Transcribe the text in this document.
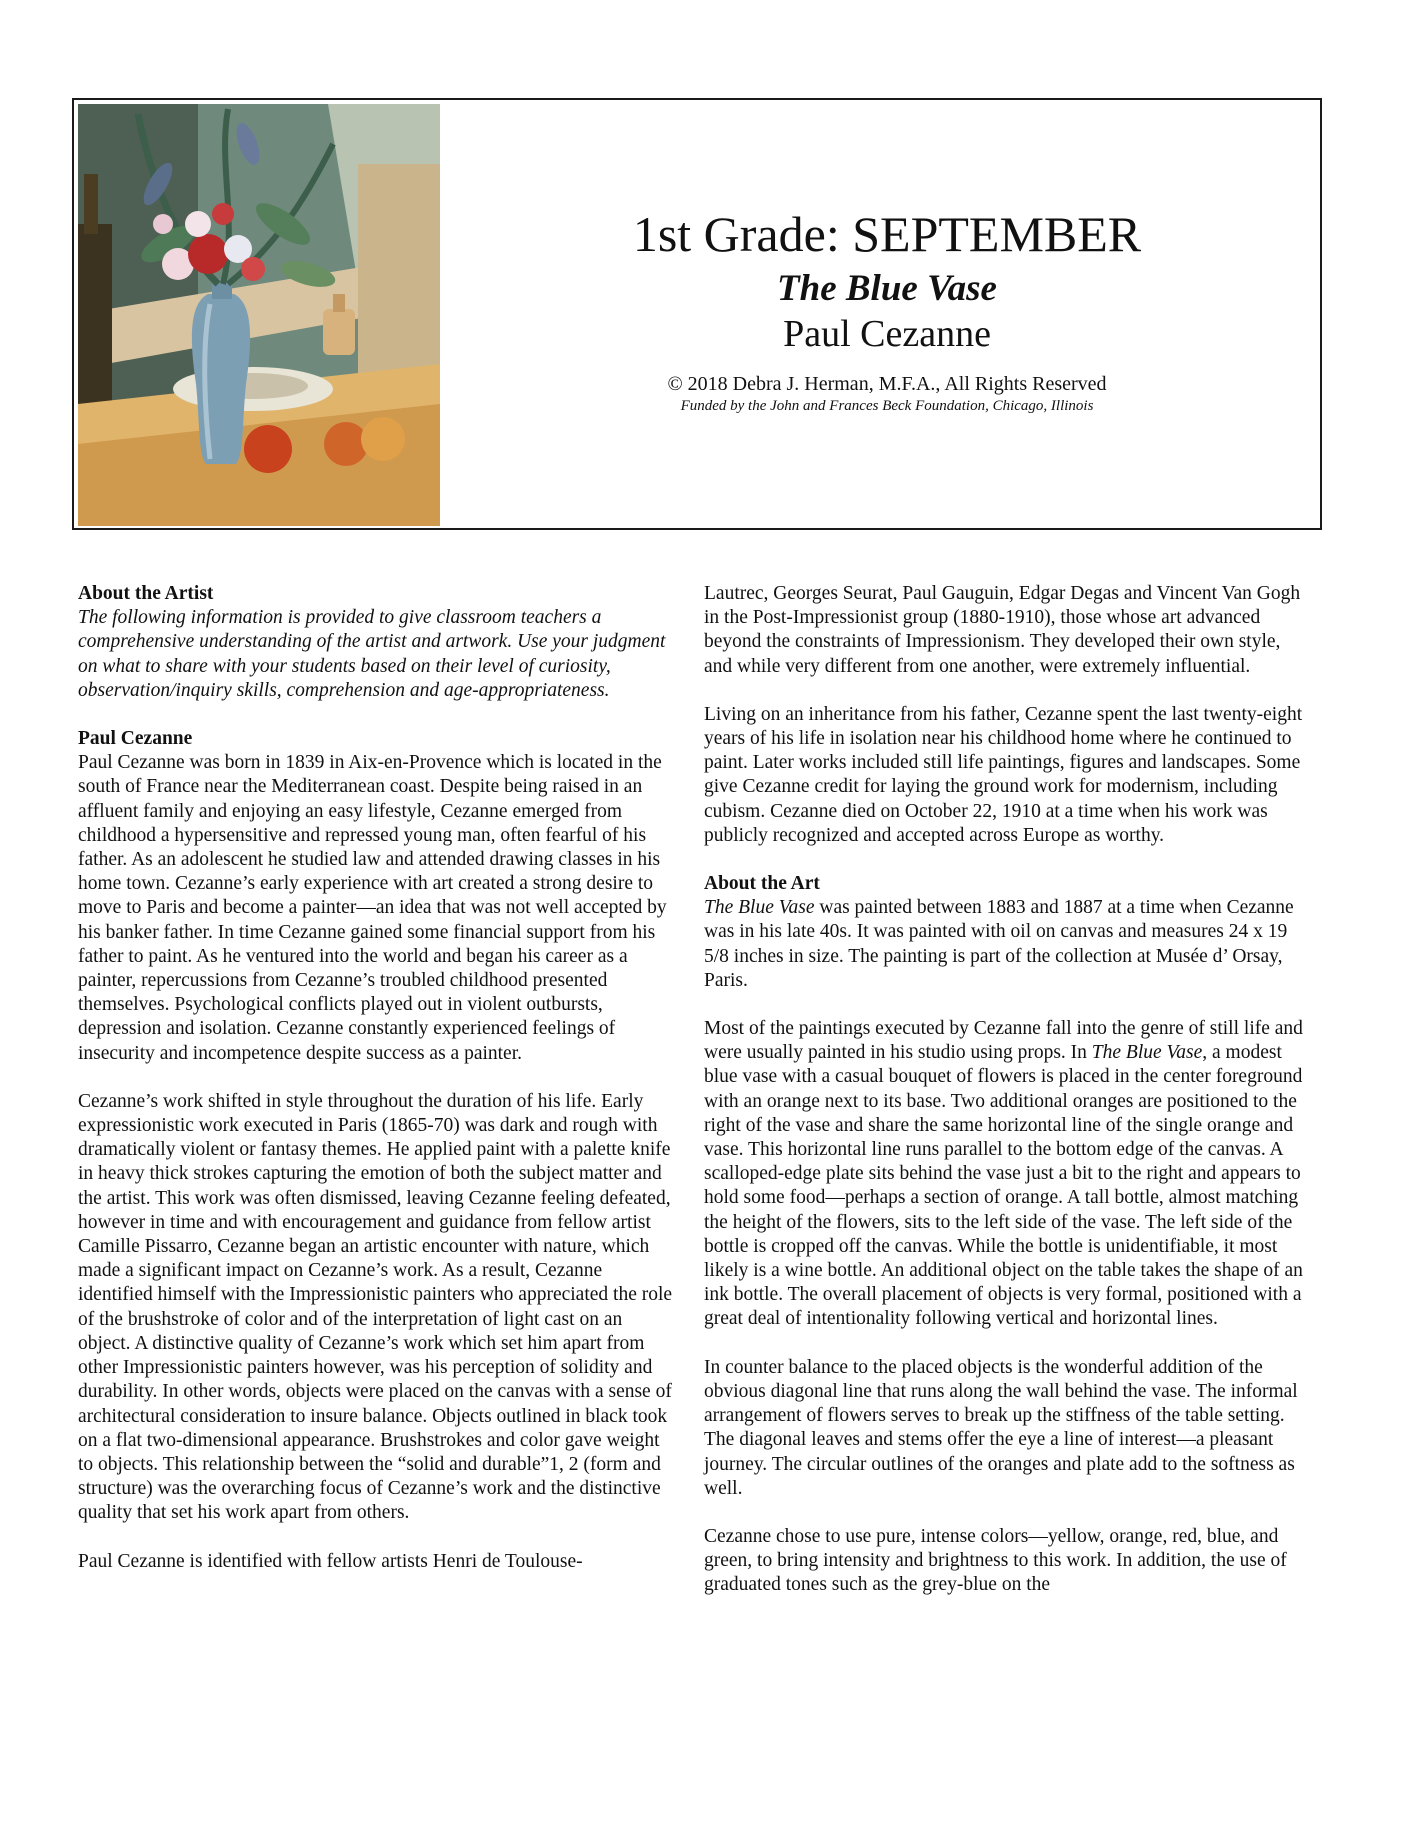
1st Grade: SEPTEMBER
The Blue Vase
Paul Cezanne
© 2018 Debra J. Herman, M.F.A., All Rights Reserved
Funded by the John and Frances Beck Foundation, Chicago, Illinois

About the Artist
The following information is provided to give classroom teachers a comprehensive understanding of the artist and artwork. Use your judgment on what to share with your students based on their level of curiosity, observation/inquiry skills, comprehension and age-appropriateness.

Paul Cezanne
Paul Cezanne was born in 1839 in Aix-en-Provence which is located in the south of France near the Mediterranean coast. Despite being raised in an affluent family and enjoying an easy lifestyle, Cezanne emerged from childhood a hypersensitive and repressed young man, often fearful of his father. As an adolescent he studied law and attended drawing classes in his home town. Cezanne’s early experience with art created a strong desire to move to Paris and become a painter—an idea that was not well accepted by his banker father. In time Cezanne gained some financial support from his father to paint. As he ventured into the world and began his career as a painter, repercussions from Cezanne’s troubled childhood presented themselves. Psychological conflicts played out in violent outbursts, depression and isolation. Cezanne constantly experienced feelings of insecurity and incompetence despite success as a painter.

Cezanne’s work shifted in style throughout the duration of his life. Early expressionistic work executed in Paris (1865-70) was dark and rough with dramatically violent or fantasy themes. He applied paint with a palette knife in heavy thick strokes capturing the emotion of both the subject matter and the artist. This work was often dismissed, leaving Cezanne feeling defeated, however in time and with encouragement and guidance from fellow artist Camille Pissarro, Cezanne began an artistic encounter with nature, which made a significant impact on Cezanne’s work. As a result, Cezanne identified himself with the Impressionistic painters who appreciated the role of the brushstroke of color and of the interpretation of light cast on an object. A distinctive quality of Cezanne’s work which set him apart from other Impressionistic painters however, was his perception of solidity and durability. In other words, objects were placed on the canvas with a sense of architectural consideration to insure balance. Objects outlined in black took on a flat two-dimensional appearance. Brushstrokes and color gave weight to objects. This relationship between the “solid and durable”1, 2 (form and structure) was the overarching focus of Cezanne’s work and the distinctive quality that set his work apart from others.

Paul Cezanne is identified with fellow artists Henri de Toulouse-

Lautrec, Georges Seurat, Paul Gauguin, Edgar Degas and Vincent Van Gogh in the Post-Impressionist group (1880-1910), those whose art advanced beyond the constraints of Impressionism. They developed their own style, and while very different from one another, were extremely influential.

Living on an inheritance from his father, Cezanne spent the last twenty-eight years of his life in isolation near his childhood home where he continued to paint. Later works included still life paintings, figures and landscapes. Some give Cezanne credit for laying the ground work for modernism, including cubism. Cezanne died on October 22, 1910 at a time when his work was publicly recognized and accepted across Europe as worthy.

About the Art
The Blue Vase was painted between 1883 and 1887 at a time when Cezanne was in his late 40s. It was painted with oil on canvas and measures 24 x 19 5/8 inches in size. The painting is part of the collection at Musée d’ Orsay, Paris.

Most of the paintings executed by Cezanne fall into the genre of still life and were usually painted in his studio using props. In The Blue Vase, a modest blue vase with a casual bouquet of flowers is placed in the center foreground with an orange next to its base. Two additional oranges are positioned to the right of the vase and share the same horizontal line of the single orange and vase. This horizontal line runs parallel to the bottom edge of the canvas. A scalloped-edge plate sits behind the vase just a bit to the right and appears to hold some food—perhaps a section of orange. A tall bottle, almost matching the height of the flowers, sits to the left side of the vase. The left side of the bottle is cropped off the canvas. While the bottle is unidentifiable, it most likely is a wine bottle. An additional object on the table takes the shape of an ink bottle. The overall placement of objects is very formal, positioned with a great deal of intentionality following vertical and horizontal lines.

In counter balance to the placed objects is the wonderful addition of the obvious diagonal line that runs along the wall behind the vase. The informal arrangement of flowers serves to break up the stiffness of the table setting. The diagonal leaves and stems offer the eye a line of interest—a pleasant journey. The circular outlines of the oranges and plate add to the softness as well.

Cezanne chose to use pure, intense colors—yellow, orange, red, blue, and green, to bring intensity and brightness to this work. In addition, the use of graduated tones such as the grey-blue on the
